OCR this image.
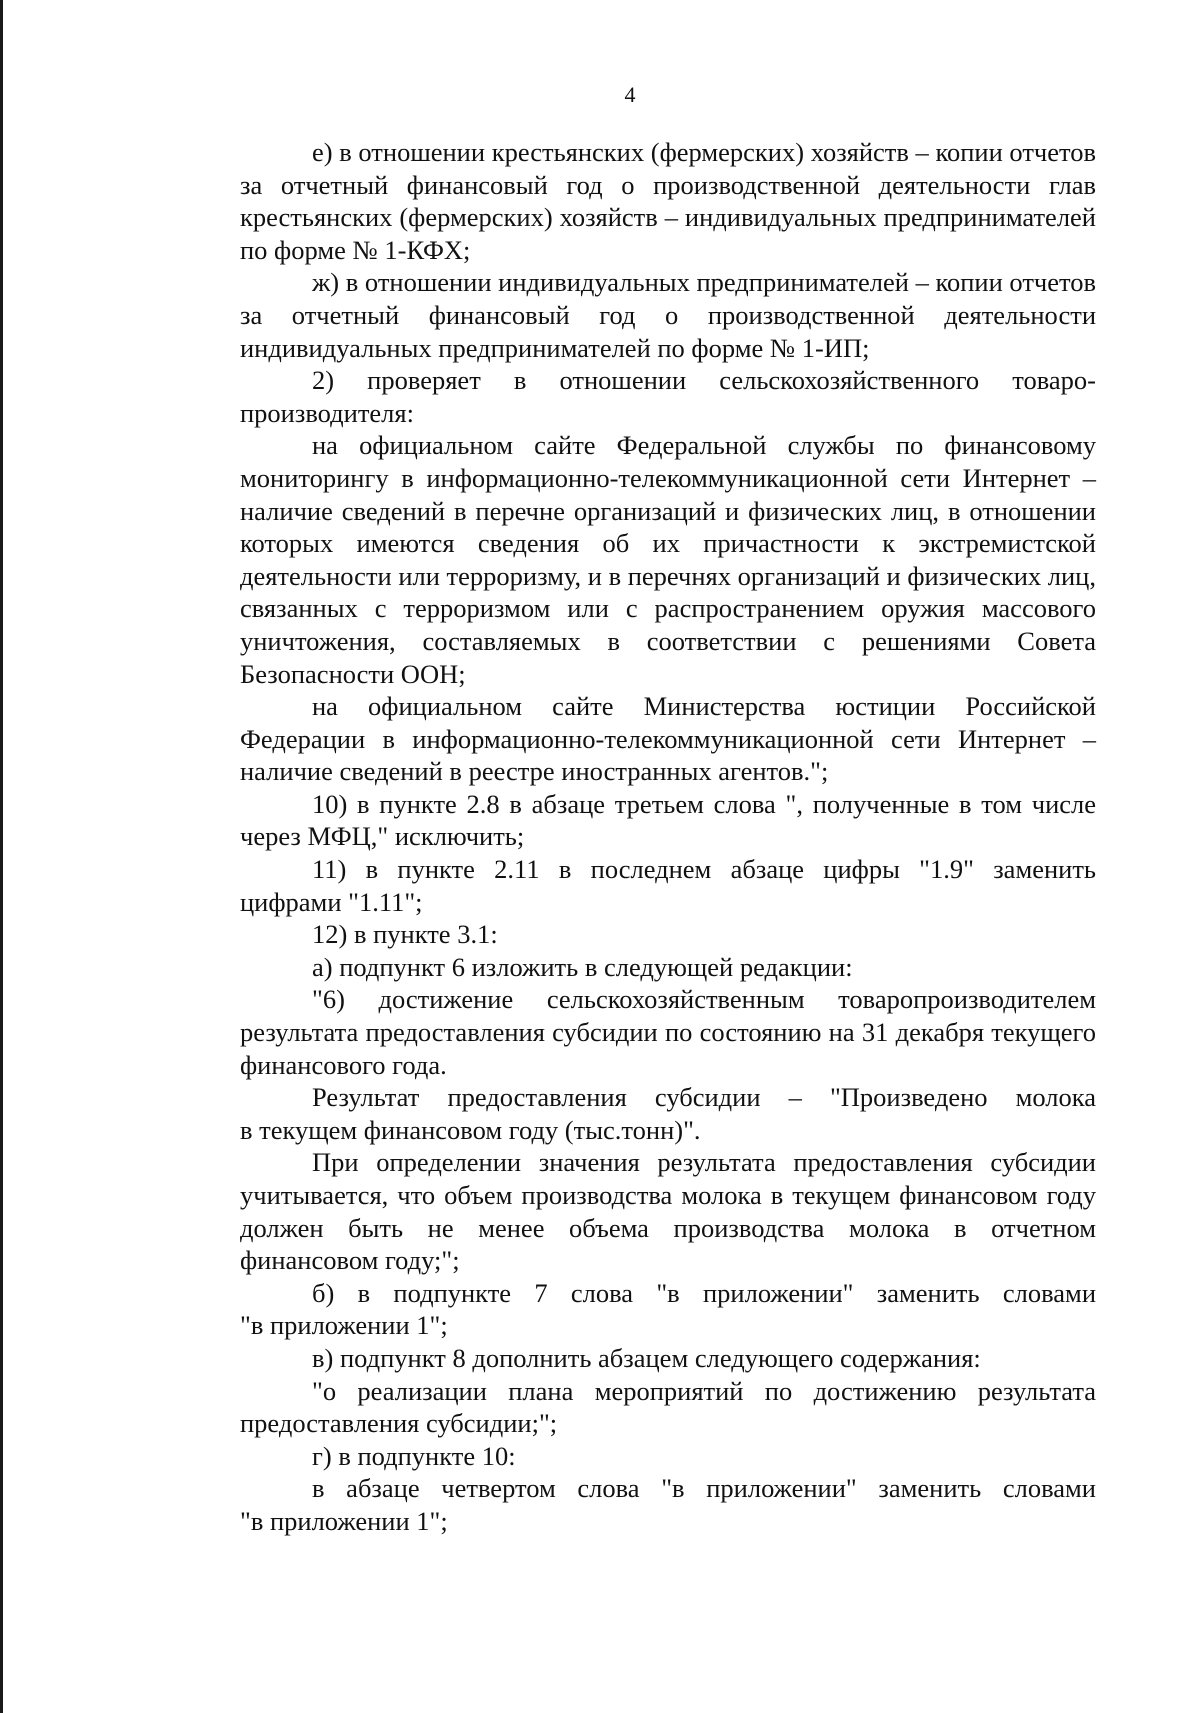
4
е) в отношении крестьянских (фермерских) хозяйств – копии отчетов
за отчетный финансовый год о производственной деятельности глав
крестьянских (фермерских) хозяйств – индивидуальных предпринимателей
по форме № 1-КФХ;
ж) в отношении индивидуальных предпринимателей – копии отчетов
за отчетный финансовый год о производственной деятельности
индивидуальных предпринимателей по форме № 1-ИП;
2) проверяет в отношении сельскохозяйственного товаро-
производителя:
на официальном сайте Федеральной службы по финансовому
мониторингу в информационно-телекоммуникационной сети Интернет –
наличие сведений в перечне организаций и физических лиц, в отношении
которых имеются сведения об их причастности к экстремистской
деятельности или терроризму, и в перечнях организаций и физических лиц,
связанных с терроризмом или с распространением оружия массового
уничтожения, составляемых в соответствии с решениями Совета
Безопасности ООН;
на официальном сайте Министерства юстиции Российской
Федерации в информационно-телекоммуникационной сети Интернет –
наличие сведений в реестре иностранных агентов.";
10) в пункте 2.8 в абзаце третьем слова ", полученные в том числе
через МФЦ," исключить;
11) в пункте 2.11 в последнем абзаце цифры "1.9" заменить
цифрами "1.11";
12) в пункте 3.1:
а) подпункт 6 изложить в следующей редакции:
"6) достижение сельскохозяйственным товаропроизводителем
результата предоставления субсидии по состоянию на 31 декабря текущего
финансового года.
Результат предоставления субсидии – "Произведено молока
в текущем финансовом году (тыс.тонн)".
При определении значения результата предоставления субсидии
учитывается, что объем производства молока в текущем финансовом году
должен быть не менее объема производства молока в отчетном
финансовом году;";
б) в подпункте 7 слова "в приложении" заменить словами
"в приложении 1";
в) подпункт 8 дополнить абзацем следующего содержания:
"о реализации плана мероприятий по достижению результата
предоставления субсидии;";
г) в подпункте 10:
в абзаце четвертом слова "в приложении" заменить словами
"в приложении 1";
